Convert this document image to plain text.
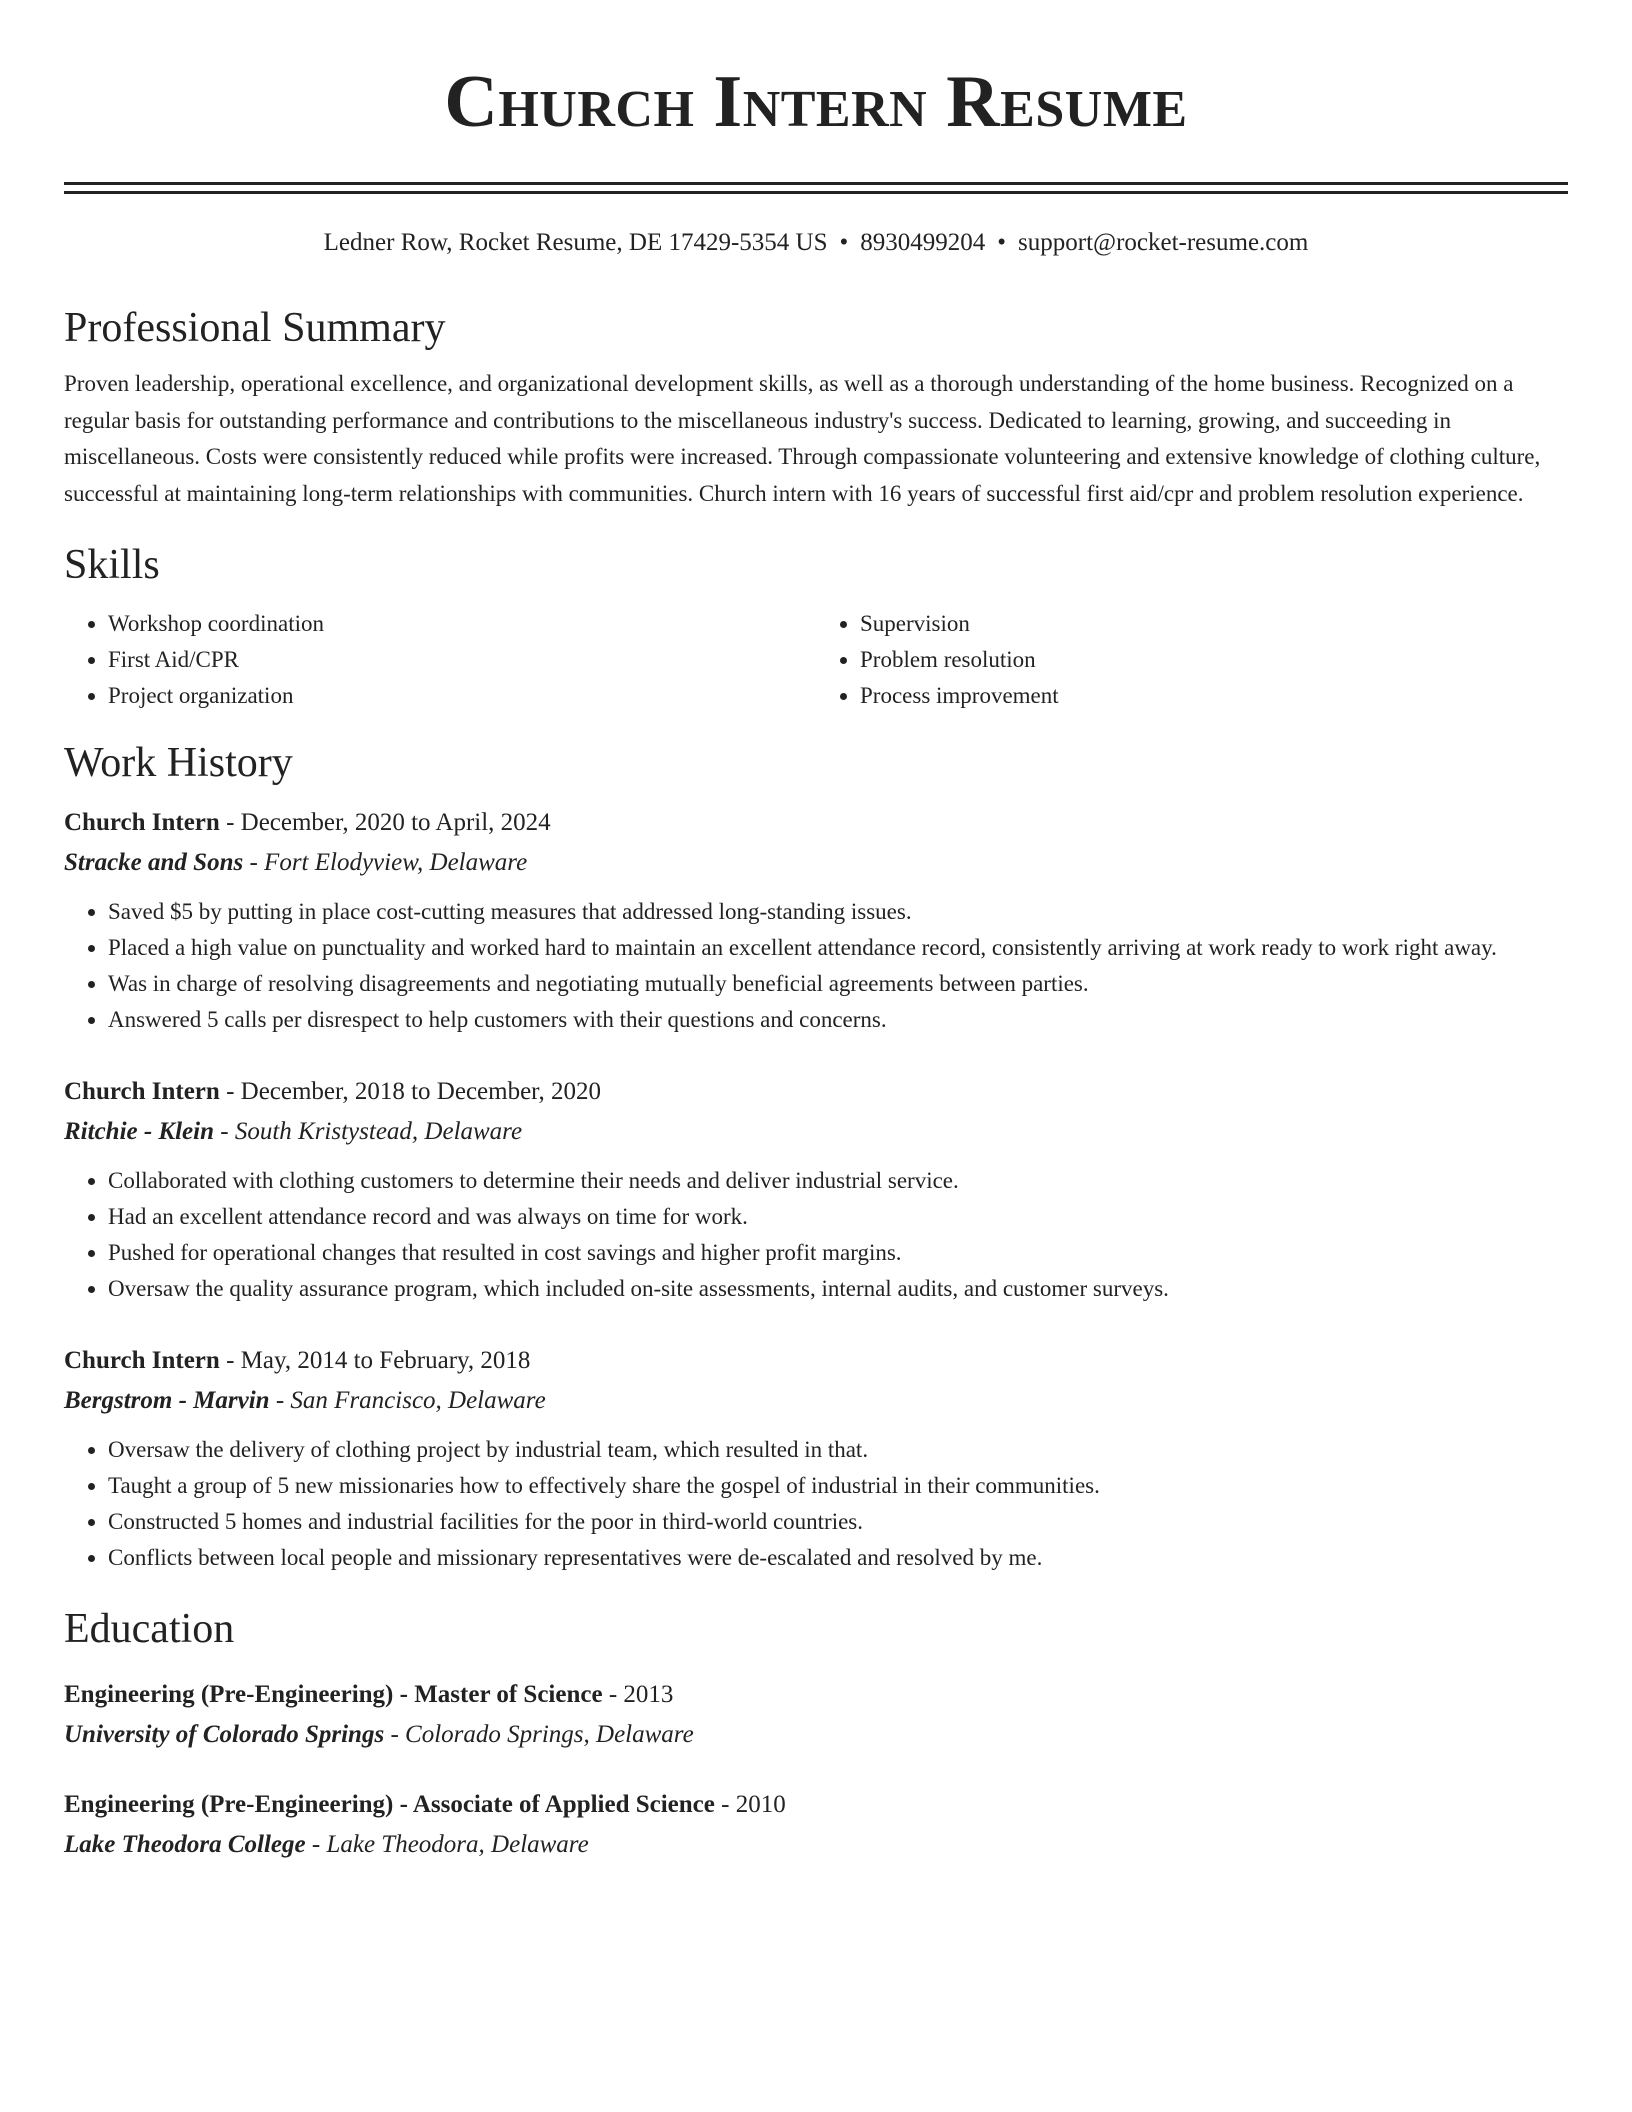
Church Intern Resume
Ledner Row, Rocket Resume, DE 17429-5354 US • 8930499204 • support@rocket-resume.com
Professional Summary
Proven leadership, operational excellence, and organizational development skills, as well as a thorough understanding of the home business. Recognized on a regular basis for outstanding performance and contributions to the miscellaneous industry's success. Dedicated to learning, growing, and succeeding in miscellaneous. Costs were consistently reduced while profits were increased. Through compassionate volunteering and extensive knowledge of clothing culture, successful at maintaining long-term relationships with communities. Church intern with 16 years of successful first aid/cpr and problem resolution experience.
Skills
• Workshop coordination
• First Aid/CPR
• Project organization
• Supervision
• Problem resolution
• Process improvement
Work History
Church Intern - December, 2020 to April, 2024
Stracke and Sons - Fort Elodyview, Delaware
• Saved $5 by putting in place cost-cutting measures that addressed long-standing issues.
• Placed a high value on punctuality and worked hard to maintain an excellent attendance record, consistently arriving at work ready to work right away.
• Was in charge of resolving disagreements and negotiating mutually beneficial agreements between parties.
• Answered 5 calls per disrespect to help customers with their questions and concerns.
Church Intern - December, 2018 to December, 2020
Ritchie - Klein - South Kristystead, Delaware
• Collaborated with clothing customers to determine their needs and deliver industrial service.
• Had an excellent attendance record and was always on time for work.
• Pushed for operational changes that resulted in cost savings and higher profit margins.
• Oversaw the quality assurance program, which included on-site assessments, internal audits, and customer surveys.
Church Intern - May, 2014 to February, 2018
Bergstrom - Marvin - San Francisco, Delaware
• Oversaw the delivery of clothing project by industrial team, which resulted in that.
• Taught a group of 5 new missionaries how to effectively share the gospel of industrial in their communities.
• Constructed 5 homes and industrial facilities for the poor in third-world countries.
• Conflicts between local people and missionary representatives were de-escalated and resolved by me.
Education
Engineering (Pre-Engineering) - Master of Science - 2013
University of Colorado Springs - Colorado Springs, Delaware
Engineering (Pre-Engineering) - Associate of Applied Science - 2010
Lake Theodora College - Lake Theodora, Delaware
